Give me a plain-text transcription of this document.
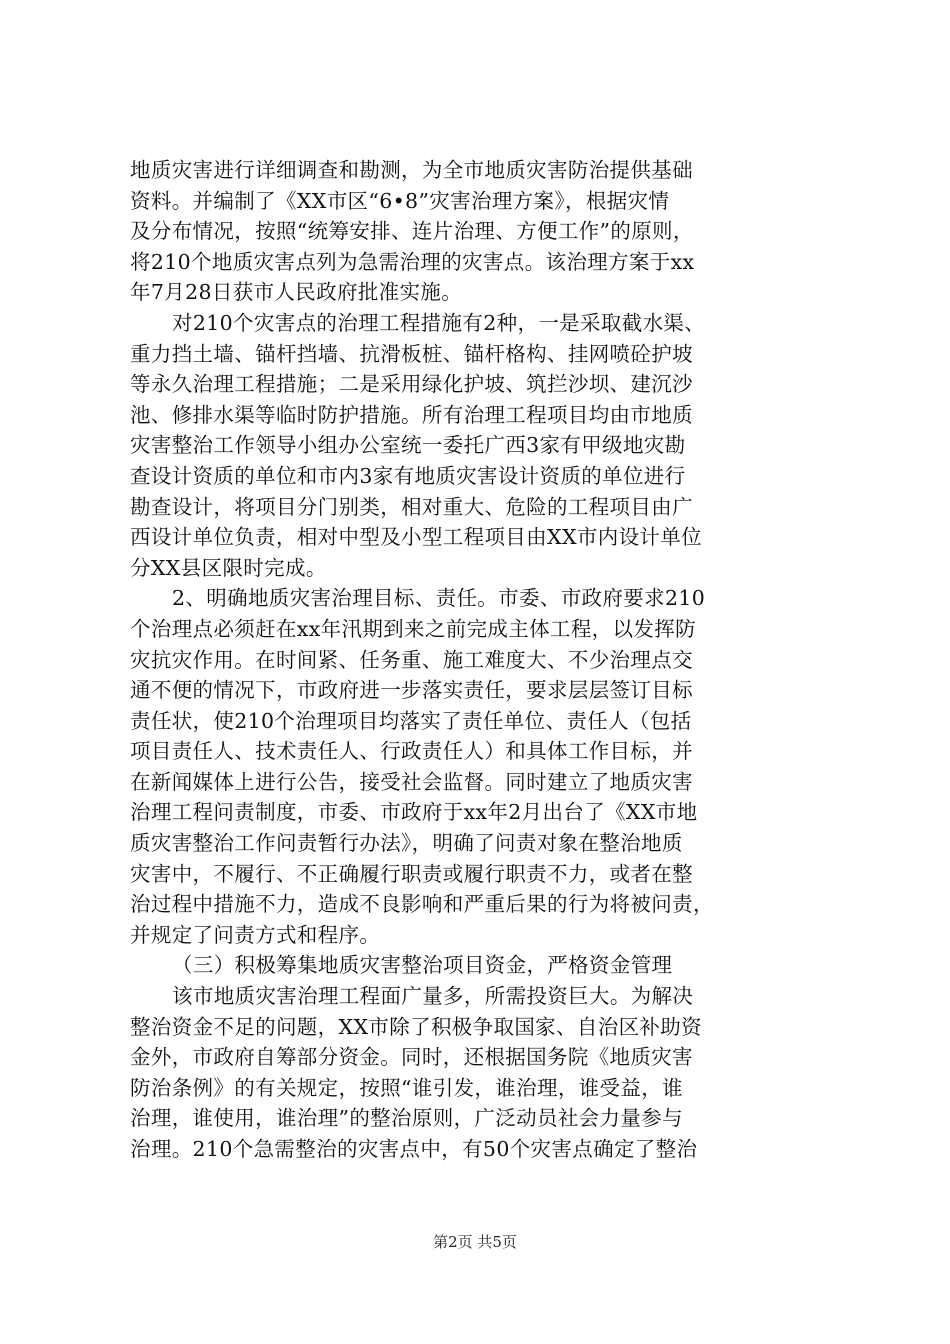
地质灾害进行详细调查和勘测，为全市地质灾害防治提供基础
资料。并编制了《XX市区“6•8”灾害治理方案》，根据灾情
及分布情况，按照“统筹安排、连片治理、方便工作”的原则，
将210个地质灾害点列为急需治理的灾害点。该治理方案于xx
年7月28日获市人民政府批准实施。
对210个灾害点的治理工程措施有2种，一是采取截水渠、
重力挡土墙、锚杆挡墙、抗滑板桩、锚杆格构、挂网喷砼护坡
等永久治理工程措施；二是采用绿化护坡、筑拦沙坝、建沉沙
池、修排水渠等临时防护措施。所有治理工程项目均由市地质
灾害整治工作领导小组办公室统一委托广西3家有甲级地灾勘
查设计资质的单位和市内3家有地质灾害设计资质的单位进行
勘查设计，将项目分门别类，相对重大、危险的工程项目由广
西设计单位负责，相对中型及小型工程项目由XX市内设计单位
分XX县区限时完成。
2、明确地质灾害治理目标、责任。市委、市政府要求210
个治理点必须赶在xx年汛期到来之前完成主体工程，以发挥防
灾抗灾作用。在时间紧、任务重、施工难度大、不少治理点交
通不便的情况下，市政府进一步落实责任，要求层层签订目标
责任状，使210个治理项目均落实了责任单位、责任人（包括
项目责任人、技术责任人、行政责任人）和具体工作目标，并
在新闻媒体上进行公告，接受社会监督。同时建立了地质灾害
治理工程问责制度，市委、市政府于xx年2月出台了《XX市地
质灾害整治工作问责暂行办法》，明确了问责对象在整治地质
灾害中，不履行、不正确履行职责或履行职责不力，或者在整
治过程中措施不力，造成不良影响和严重后果的行为将被问责，
并规定了问责方式和程序。
（三）积极筹集地质灾害整治项目资金，严格资金管理
该市地质灾害治理工程面广量多，所需投资巨大。为解决
整治资金不足的问题，XX市除了积极争取国家、自治区补助资
金外，市政府自筹部分资金。同时，还根据国务院《地质灾害
防治条例》的有关规定，按照“谁引发，谁治理，谁受益，谁
治理，谁使用，谁治理”的整治原则，广泛动员社会力量参与
治理。210个急需整治的灾害点中，有50个灾害点确定了整治
第2页 共5页
